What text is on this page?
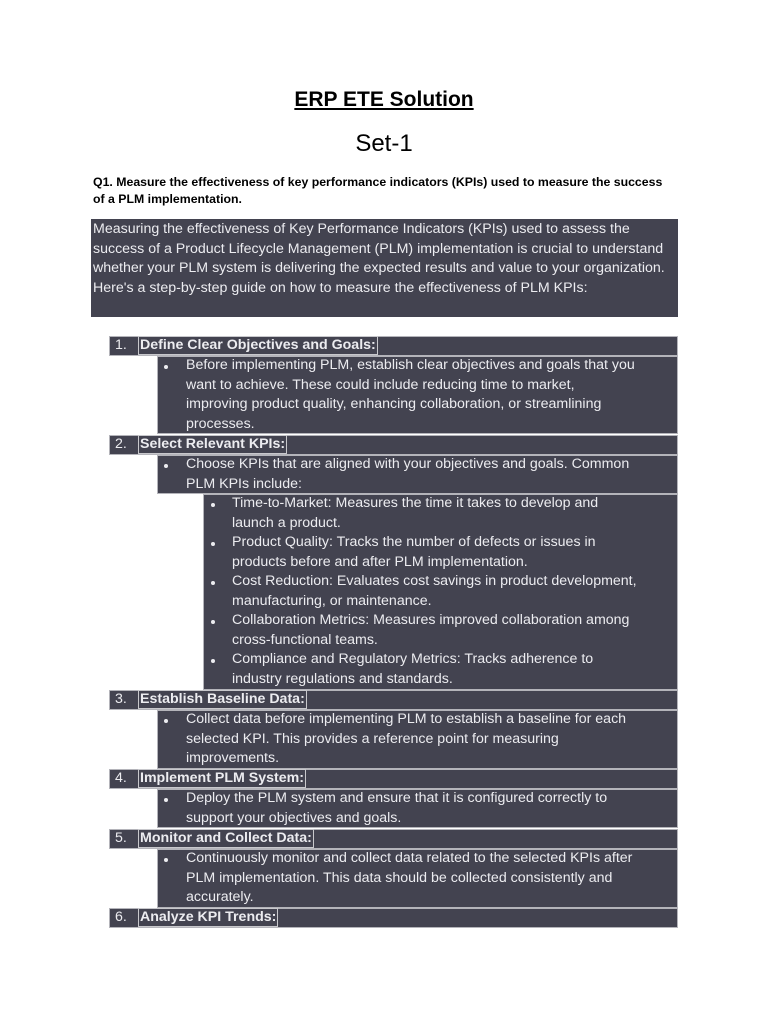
ERP ETE Solution
Set-1
Q1. Measure the effectiveness of key performance indicators (KPIs) used to measure the success of a PLM implementation.
Measuring the effectiveness of Key Performance Indicators (KPIs) used to assess the success of a Product Lifecycle Management (PLM) implementation is crucial to understand whether your PLM system is delivering the expected results and value to your organization. Here's a step-by-step guide on how to measure the effectiveness of PLM KPIs:
1. Define Clear Objectives and Goals:
Before implementing PLM, establish clear objectives and goals that you
want to achieve. These could include reducing time to market,
improving product quality, enhancing collaboration, or streamlining
processes.
2. Select Relevant KPIs:
Choose KPIs that are aligned with your objectives and goals. Common
PLM KPIs include:
Time-to-Market: Measures the time it takes to develop and
launch a product.
Product Quality: Tracks the number of defects or issues in
products before and after PLM implementation.
Cost Reduction: Evaluates cost savings in product development,
manufacturing, or maintenance.
Collaboration Metrics: Measures improved collaboration among
cross-functional teams.
Compliance and Regulatory Metrics: Tracks adherence to
industry regulations and standards.
3. Establish Baseline Data:
Collect data before implementing PLM to establish a baseline for each
selected KPI. This provides a reference point for measuring
improvements.
4. Implement PLM System:
Deploy the PLM system and ensure that it is configured correctly to
support your objectives and goals.
5. Monitor and Collect Data:
Continuously monitor and collect data related to the selected KPIs after
PLM implementation. This data should be collected consistently and
accurately.
6. Analyze KPI Trends:
